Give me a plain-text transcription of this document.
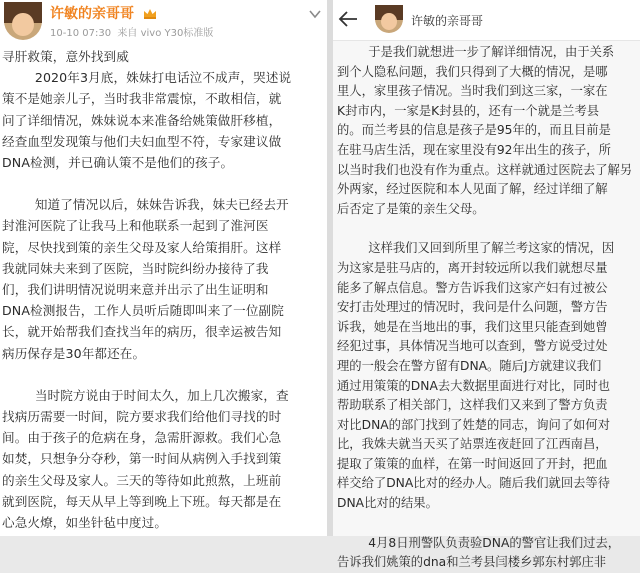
许敏的亲哥哥
10-10 07:30 来自 vivo Y30标准版

寻肝救策，意外找到威

2020年3月底，姝妹打电话泣不成声，哭述说

策不是她亲儿子，当时我非常震惊，不敢相信，就

问了详细情况，姝妹说本来准备给姚策做肝移植，

经查血型发现策与他们夫妇血型不符，专家建议做

DNA检测，并已确认策不是他们的孩子。

知道了情况以后，妹妹告诉我，妹夫已经去开

封淮河医院了让我马上和他联系一起到了淮河医

院，尽快找到策的亲生父母及家人给策捐肝。这样

我就同妹夫来到了医院，当时院纠纷办接待了我

们，我们讲明情况说明来意并出示了出生证明和

DNA检测报告，工作人员听后随即叫来了一位副院

长，就开始帮我们查找当年的病历，很幸运被告知

病历保存是30年都还在。

当时院方说由于时间太久，加上几次搬家，查

找病历需要一时间，院方要求我们给他们寻找的时

间。由于孩子的危病在身，急需肝源救。我们心急

如焚，只想争分夺秒，第一时间从病例入手找到策

的亲生父母及家人。三天的等待如此煎熬，上班前

就到医院，每天从早上等到晚上下班。每天都是在

心急火燎，如坐针毡中度过。

许敏的亲哥哥

于是我们就想进一步了解详细情况，由于关系

到个人隐私问题，我们只得到了大概的情况，是哪

里人，家里孩子情况。当时我们到这三家，一家在

K封市内，一家是K封县的，还有一个就是兰考县

的。而兰考县的信息是孩子是95年的，而且目前是

在驻马店生活，现在家里没有92年出生的孩子，所

以当时我们也没有作为重点。这样就通过医院去了解另

外两家，经过医院和本人见面了解，经过详细了解

后否定了是策的亲生父母。

这样我们又回到所里了解兰考这家的情况，因

为这家是驻马店的，离开封较远所以我们就想尽量

能多了解点信息。警方告诉我们这家产妇有过被公

安打击处理过的情况时，我问是什么问题，警方告

诉我，她是在当地出的事，我们这里只能查到她曾

经犯过事，具体情况当地可以查到，警方说受过处

理的一般会在警方留有DNA。随后J方就建议我们

通过用策策的DNA去大数据里面进行对比，同时也

帮助联系了相关部门，这样我们又来到了警方负责

对比DNA的部门找到了姓楚的同志，询问了如何对

比，我姝夫就当天买了站票连夜赶回了江西南昌，

提取了策策的血样，在第一时间返回了开封，把血

样交给了DNA比对的经办人。随后我们就回去等待

DNA比对的结果。

4月8日刑警队负责验DNA的警官让我们过去，

告诉我们姚策的dna和兰考县闫楼乡郭东村郭庄非
